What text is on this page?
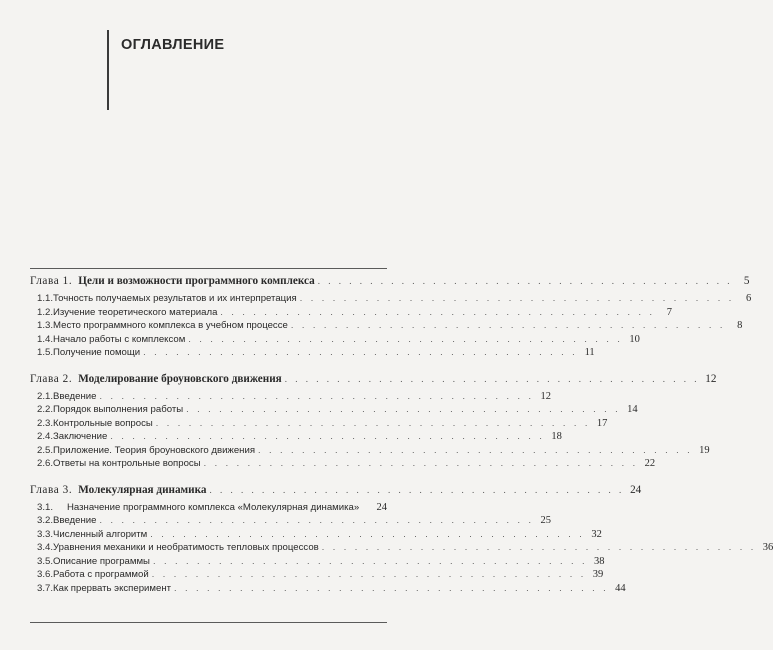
ОГЛАВЛЕНИЕ
Глава 1. Цели и возможности программного комплекса . . . . . . . . . . . . . . . . . . . . . . . . . . . . . . . . . . . . . . . .	5
1.1. Точность получаемых результатов и их интерпретация . . . . . . . . . . . . . . . . . . . . . . . . . . . . . . . . . . . . . . . .	6
1.2. Изучение теоретического материала . . . . . . . . . . . . . . . . . . . . . . . . . . . . . . . . . . . . . . . .	7
1.3. Место программного комплекса в учебном процессе . . . . . . . . . . . . . . . . . . . . . . . . . . . . . . . . . . . . . . . .	8
1.4. Начало работы с комплексом . . . . . . . . . . . . . . . . . . . . . . . . . . . . . . . . . . . . . . . . 10
1.5. Получение помощи . . . . . . . . . . . . . . . . . . . . . . . . . . . . . . . . . . . . . . . . 11
Глава 2. Моделирование броуновского движения . . . . . . . . . . . . . . . . . . . . . . . . . . . . . . . . . . . . . . . . 12
2.1. Введение . . . . . . . . . . . . . . . . . . . . . . . . . . . . . . . . . . . . . . . . 12
2.2. Порядок выполнения работы . . . . . . . . . . . . . . . . . . . . . . . . . . . . . . . . . . . . . . . . 14
2.3. Контрольные вопросы . . . . . . . . . . . . . . . . . . . . . . . . . . . . . . . . . . . . . . . . 17
2.4. Заключение . . . . . . . . . . . . . . . . . . . . . . . . . . . . . . . . . . . . . . . . 18
2.5. Приложение. Теория броуновского движения . . . . . . . . . . . . . . . . . . . . . . . . . . . . . . . . . . . . . . . . 19
2.6. Ответы на контрольные вопросы . . . . . . . . . . . . . . . . . . . . . . . . . . . . . . . . . . . . . . . . 22
Глава 3. Молекулярная динамика . . . . . . . . . . . . . . . . . . . . . . . . . . . . . . . . . . . . . . . . 24
3.1.	Назначение программного комплекса «Молекулярная динамика»	24
3.2. Введение . . . . . . . . . . . . . . . . . . . . . . . . . . . . . . . . . . . . . . . . 25
3.3. Численный алгоритм . . . . . . . . . . . . . . . . . . . . . . . . . . . . . . . . . . . . . . . . 32
3.4. Уравнения механики и необратимость тепловых процессов . . . . . . . . . . . . . . . . . . . . . . . . . . . . . . . . . . . . . . . . 36
3.5. Описание программы . . . . . . . . . . . . . . . . . . . . . . . . . . . . . . . . . . . . . . . . 38
3.6. Работа с программой . . . . . . . . . . . . . . . . . . . . . . . . . . . . . . . . . . . . . . . . 39
3.7. Как прервать эксперимент . . . . . . . . . . . . . . . . . . . . . . . . . . . . . . . . . . . . . . . . 44
